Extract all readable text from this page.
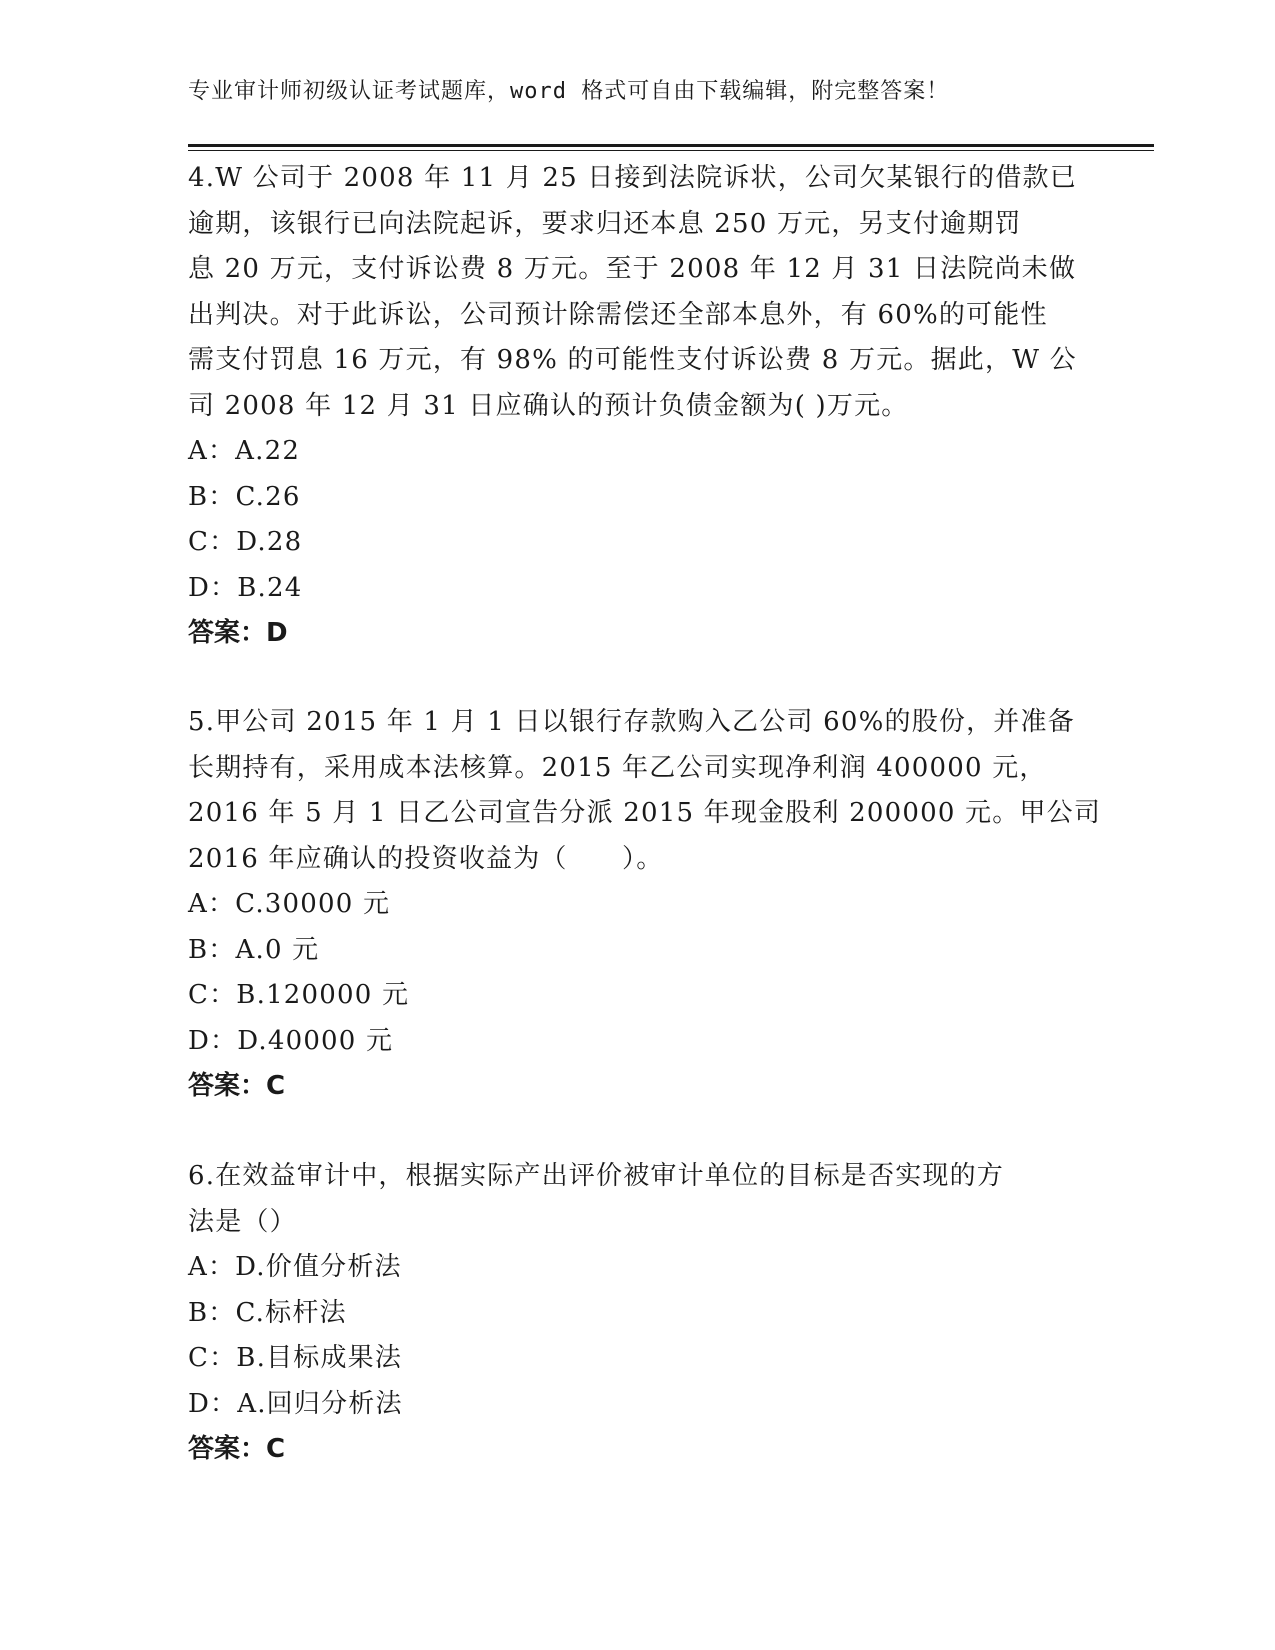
专业审计师初级认证考试题库，word 格式可自由下载编辑，附完整答案！
4.W 公司于 2008 年 11 月 25 日接到法院诉状，公司欠某银行的借款已
逾期，该银行已向法院起诉，要求归还本息 250 万元，另支付逾期罚
息 20 万元，支付诉讼费 8 万元。至于 2008 年 12 月 31 日法院尚未做
出判决。对于此诉讼，公司预计除需偿还全部本息外，有 60%的可能性
需支付罚息 16 万元，有 98% 的可能性支付诉讼费 8 万元。据此，W 公
司 2008 年 12 月 31 日应确认的预计负债金额为( )万元。
A：A.22
B：C.26
C：D.28
D：B.24
答案：D
5.甲公司 2015 年 1 月 1 日以银行存款购入乙公司 60%的股份，并准备
长期持有，采用成本法核算。2015 年乙公司实现净利润 400000 元，
2016 年 5 月 1 日乙公司宣告分派 2015 年现金股利 200000 元。甲公司
2016 年应确认的投资收益为（　　）。
A：C.30000 元
B：A.0 元
C：B.120000 元
D：D.40000 元
答案：C
6.在效益审计中，根据实际产出评价被审计单位的目标是否实现的方
法是（）
A：D.价值分析法
B：C.标杆法
C：B.目标成果法
D：A.回归分析法
答案：C
